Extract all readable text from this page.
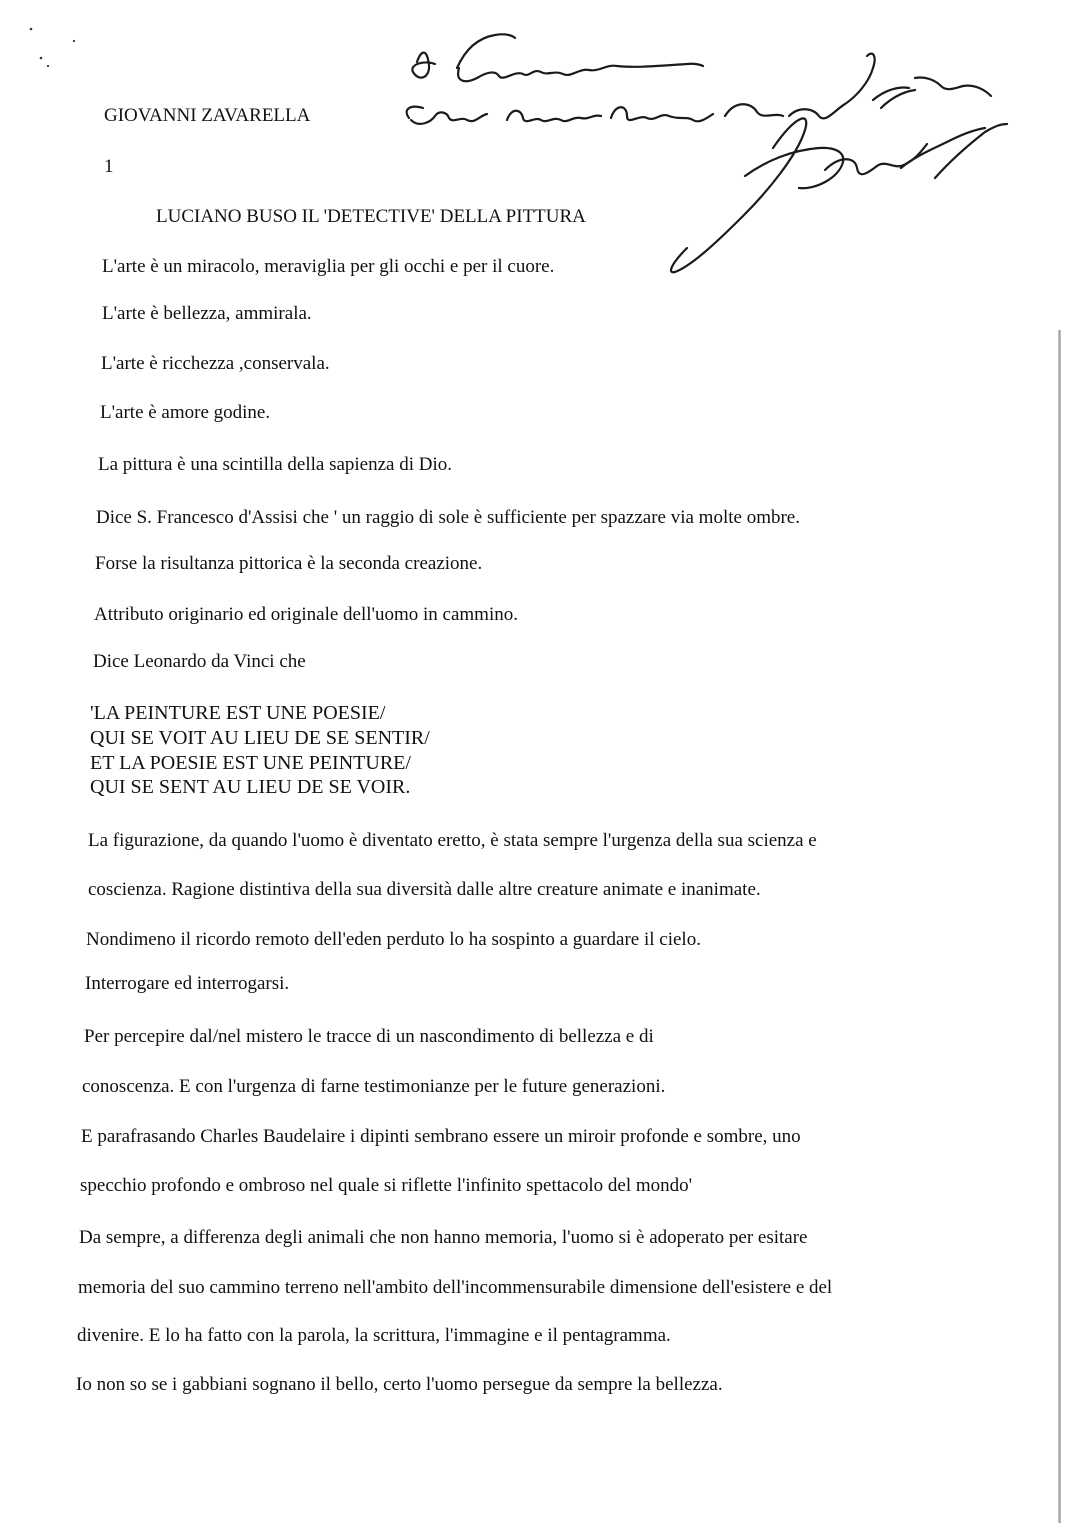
GIOVANNI ZAVARELLA
1
LUCIANO BUSO IL 'DETECTIVE' DELLA PITTURA
L'arte è un miracolo, meraviglia per gli occhi e per il cuore.
L'arte è bellezza, ammirala.
L'arte è ricchezza ,conservala.
L'arte è amore godine.
La pittura è una scintilla della sapienza di Dio.
Dice S. Francesco d'Assisi che ' un raggio di sole è sufficiente per spazzare via molte ombre.
Forse la risultanza pittorica è la seconda creazione.
Attributo originario ed originale dell'uomo in cammino.
Dice Leonardo da Vinci che
'LA PEINTURE EST UNE POESIE/
QUI SE VOIT AU LIEU DE SE SENTIR/
ET LA POESIE EST UNE PEINTURE/
QUI SE SENT AU LIEU DE SE VOIR.
La figurazione, da quando l'uomo è diventato eretto, è stata sempre l'urgenza della sua scienza e
coscienza. Ragione distintiva della sua diversità dalle altre creature animate e inanimate.
Nondimeno il ricordo remoto dell'eden perduto lo ha sospinto a guardare il cielo.
Interrogare ed interrogarsi.
Per percepire dal/nel mistero le tracce di un nascondimento di bellezza e di
conoscenza. E con l'urgenza di farne testimonianze per le future generazioni.
E parafrasando Charles Baudelaire i dipinti sembrano essere un miroir profonde e sombre, uno
specchio profondo e ombroso nel quale si riflette l'infinito spettacolo del mondo'
Da sempre, a differenza degli animali che non hanno memoria, l'uomo si è adoperato per esitare
memoria del suo cammino terreno nell'ambito dell'incommensurabile dimensione dell'esistere e del
divenire. E lo ha fatto con la parola, la scrittura, l'immagine e il pentagramma.
Io non so se i gabbiani sognano il bello, certo l'uomo persegue da sempre la bellezza.
